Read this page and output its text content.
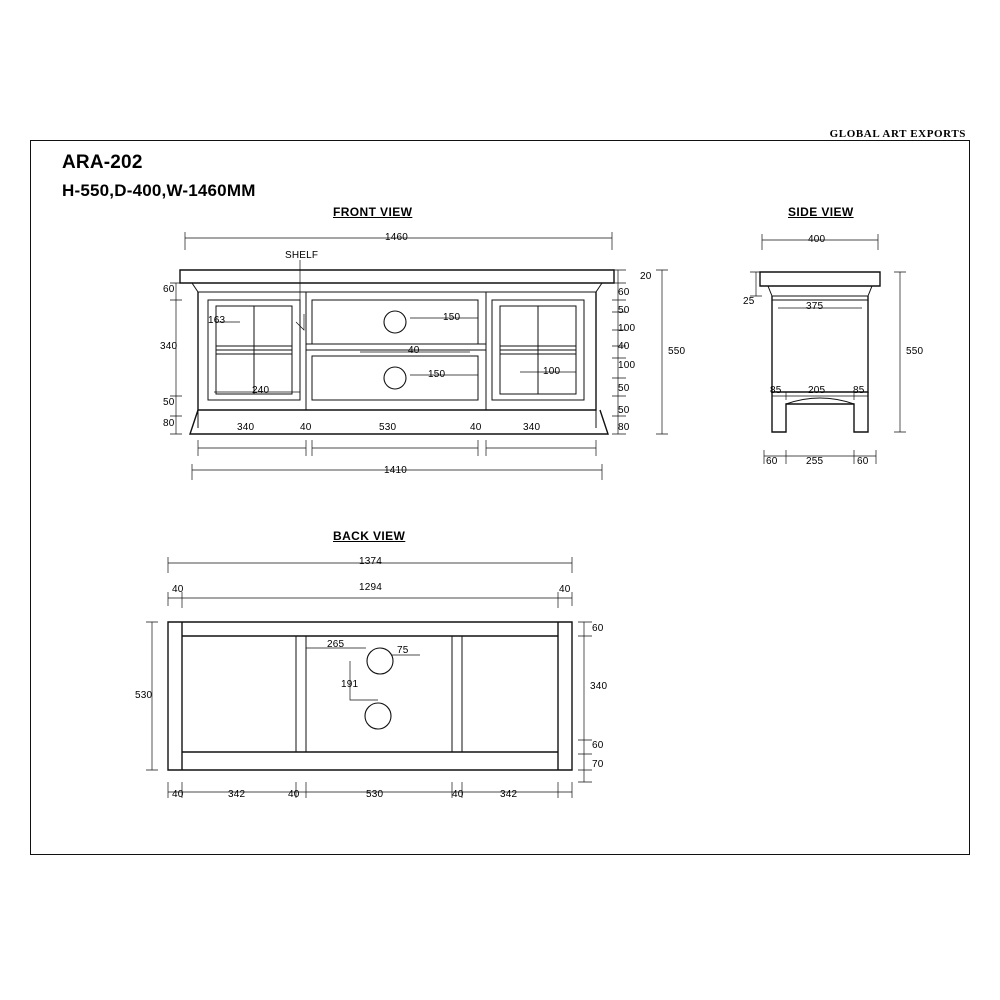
GLOBAL ART EXPORTS
ARA-202
H-550,D-400,W-1460MM
FRONT VIEW	SIDE VIEW
BACK VIEW
1460
SHELF
20
60	60
50
100
40
100
50
50
80
550
340
50
80
163
240
40
150
150	100
340	40	530	40	340
1410
400
25	375
550
85	205	85
60	255	60
1374
1294
40	40
265
75
191
530
60
340
60
70
40	342	40	530	40	342
